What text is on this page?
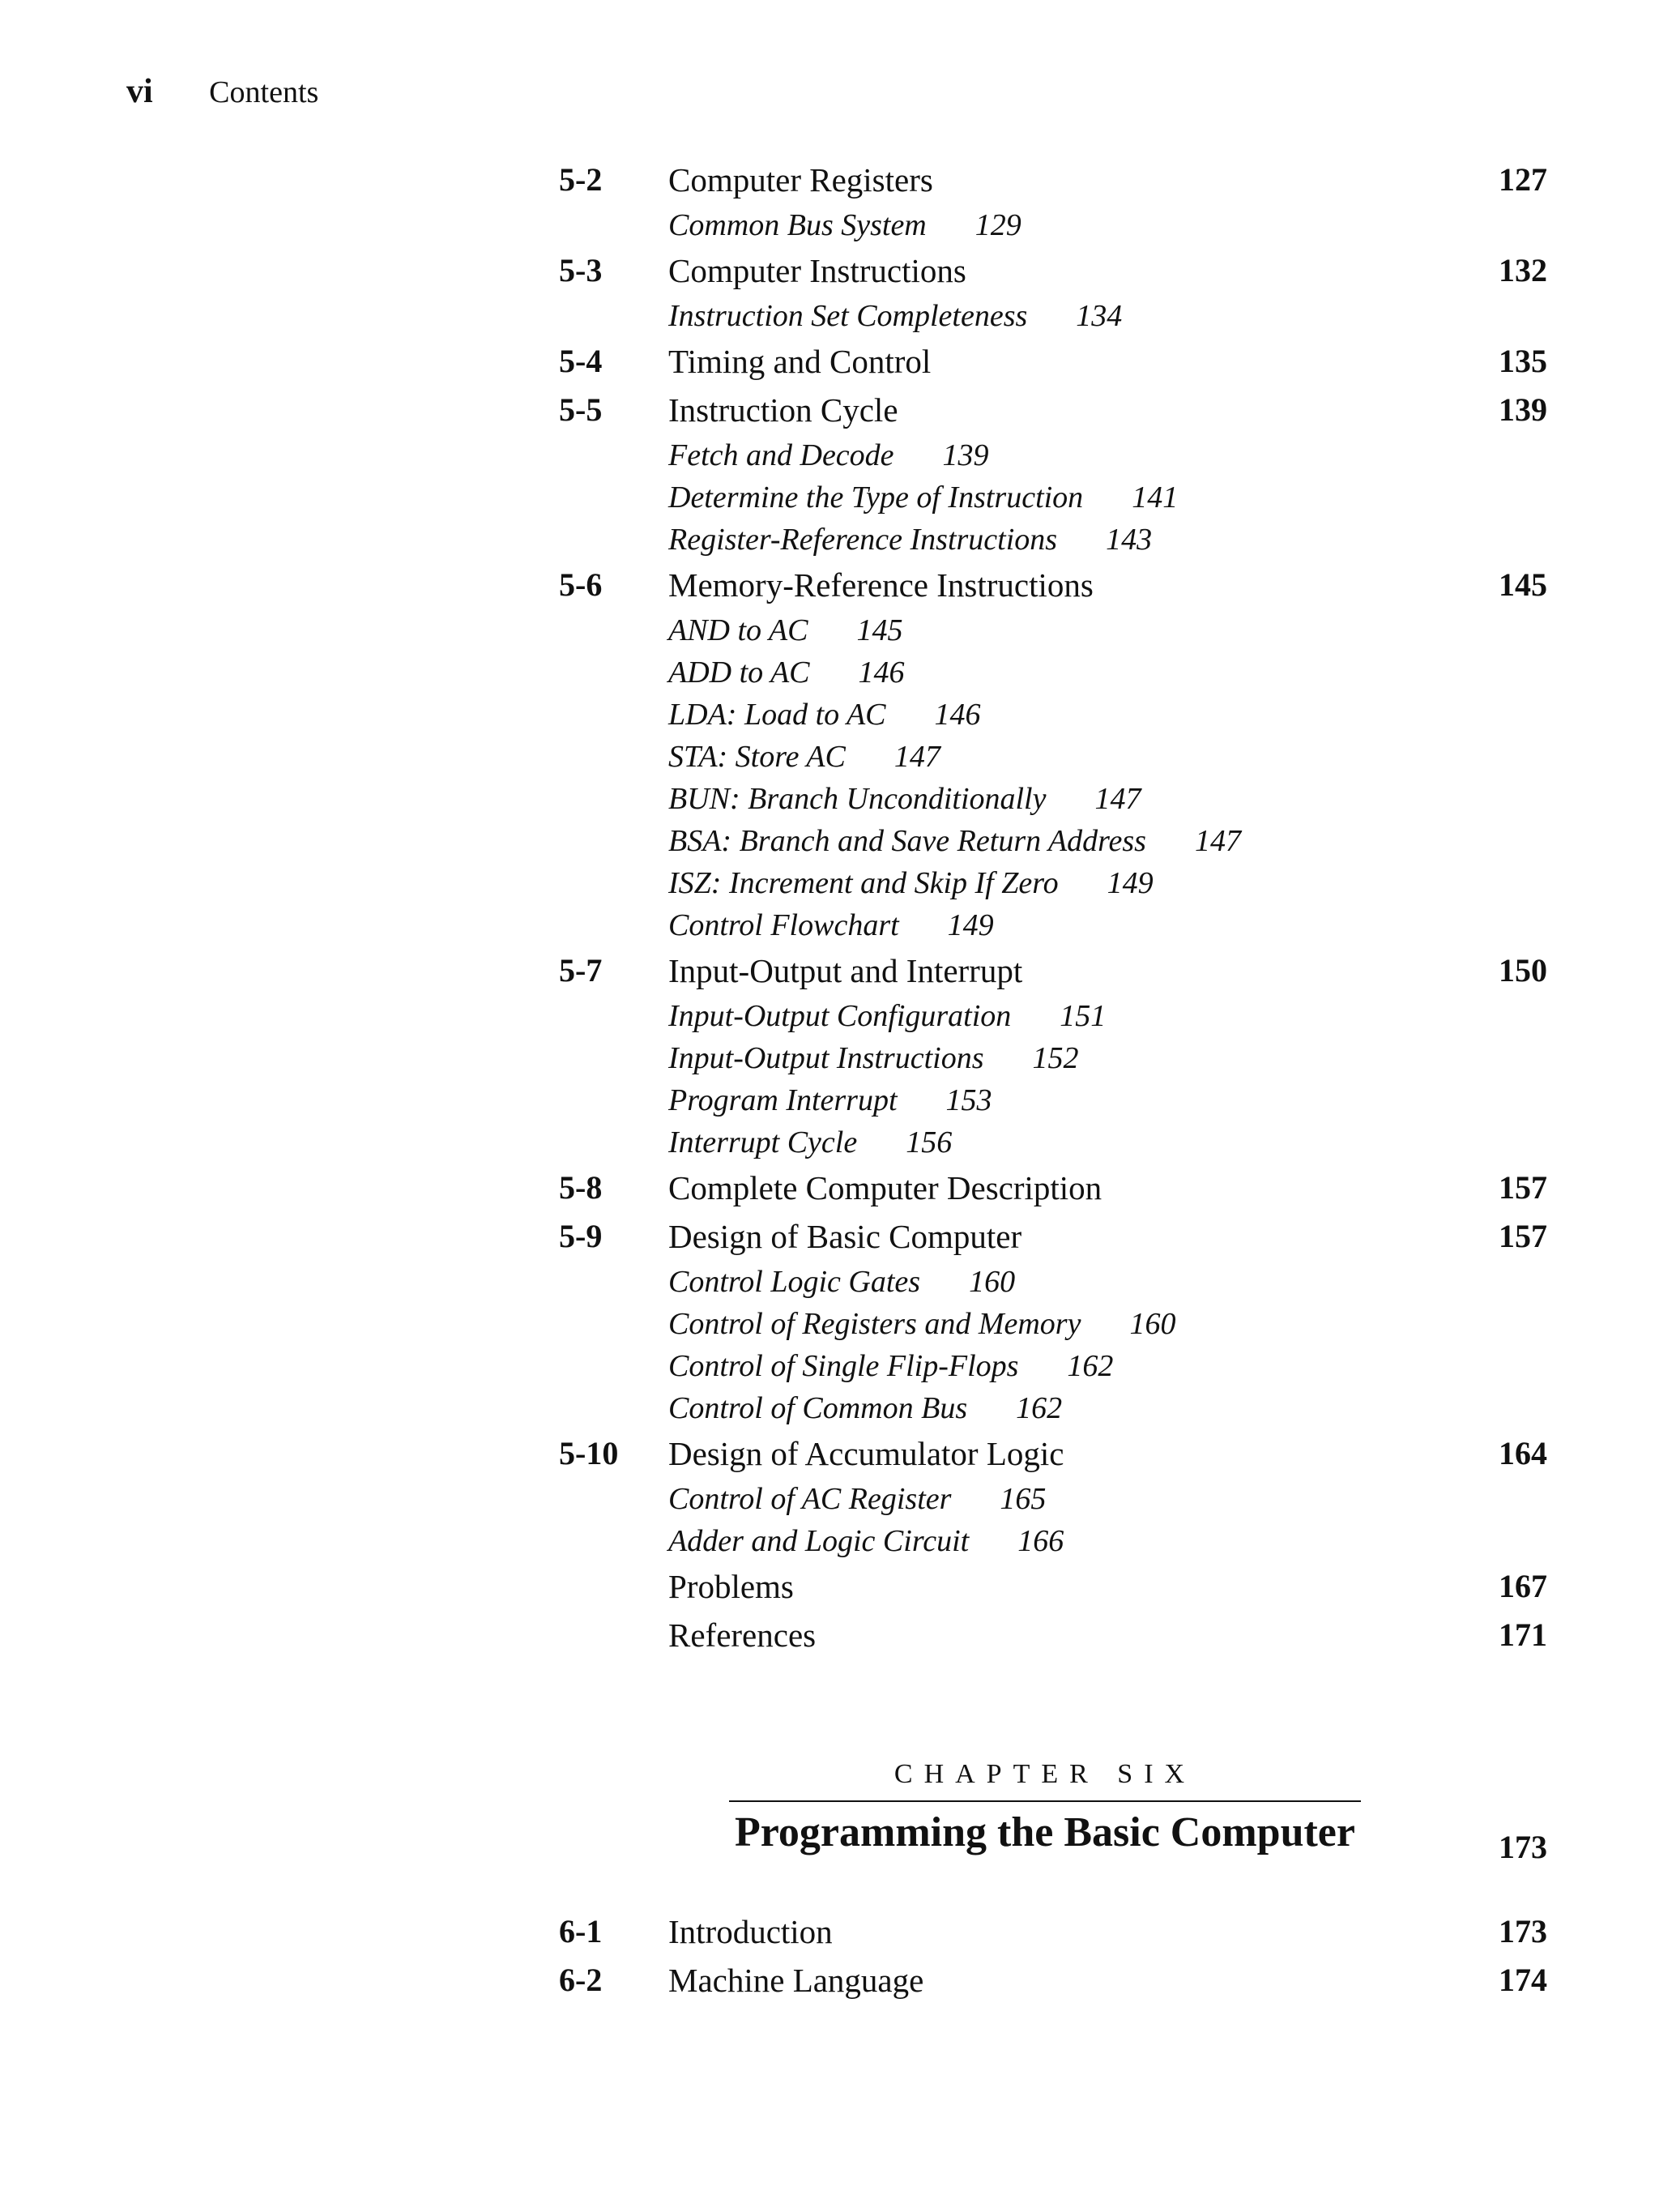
vi Contents
5-2 Computer Registers	127
Common Bus System 129
5-3 Computer Instructions	132
Instruction Set Completeness 134
5-4 Timing and Control	135
5-5 Instruction Cycle	139
Fetch and Decode 139
Determine the Type of Instruction 141
Register-Reference Instructions 143
5-6 Memory-Reference Instructions	145
AND to AC 145
ADD to AC 146
LDA: Load to AC 146
STA: Store AC 147
BUN: Branch Unconditionally 147
BSA: Branch and Save Return Address 147
ISZ: Increment and Skip If Zero 149
Control Flowchart 149
5-7 Input-Output and Interrupt	150
Input-Output Configuration 151
Input-Output Instructions 152
Program Interrupt 153
Interrupt Cycle 156
5-8 Complete Computer Description	157
5-9 Design of Basic Computer	157
Control Logic Gates 160
Control of Registers and Memory 160
Control of Single Flip-Flops 162
Control of Common Bus 162
5-10 Design of Accumulator Logic	164
Control of AC Register 165
Adder and Logic Circuit 166
Problems	167
References	171
CHAPTER SIX
Programming the Basic Computer	173
6-1 Introduction	173
6-2 Machine Language	174
